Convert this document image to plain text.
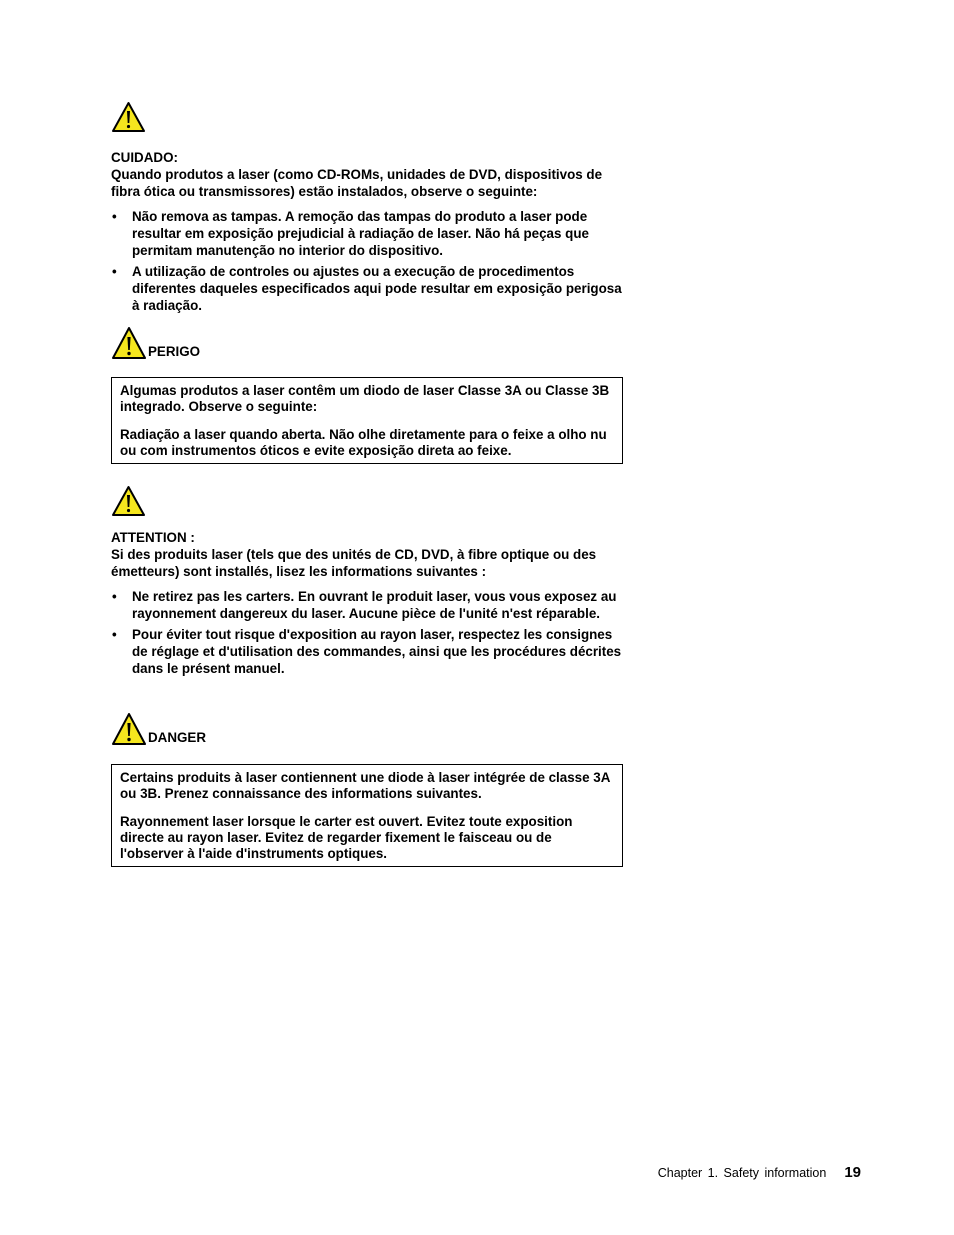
CUIDADO:
Quando produtos a laser (como CD-ROMs, unidades de DVD, dispositivos de fibra ótica ou transmissores) estão instalados, observe o seguinte:
• Não remova as tampas. A remoção das tampas do produto a laser pode resultar em exposição prejudicial à radiação de laser. Não há peças que permitam manutenção no interior do dispositivo.
• A utilização de controles ou ajustes ou a execução de procedimentos diferentes daqueles especificados aqui pode resultar em exposição perigosa à radiação.
PERIGO

Algumas produtos a laser contêm um diodo de laser Classe 3A ou Classe 3B integrado. Observe o seguinte:

Radiação a laser quando aberta. Não olhe diretamente para o feixe a olho nu ou com instrumentos óticos e evite exposição direta ao feixe.

ATTENTION :
Si des produits laser (tels que des unités de CD, DVD, à fibre optique ou des émetteurs) sont installés, lisez les informations suivantes :
• Ne retirez pas les carters. En ouvrant le produit laser, vous vous exposez au rayonnement dangereux du laser. Aucune pièce de l'unité n'est réparable.
• Pour éviter tout risque d'exposition au rayon laser, respectez les consignes de réglage et d'utilisation des commandes, ainsi que les procédures décrites dans le présent manuel.
DANGER

Certains produits à laser contiennent une diode à laser intégrée de classe 3A ou 3B. Prenez connaissance des informations suivantes.

Rayonnement laser lorsque le carter est ouvert. Evitez toute exposition directe au rayon laser. Evitez de regarder fixement le faisceau ou de l'observer à l'aide d'instruments optiques.

Chapter 1. Safety information 19
